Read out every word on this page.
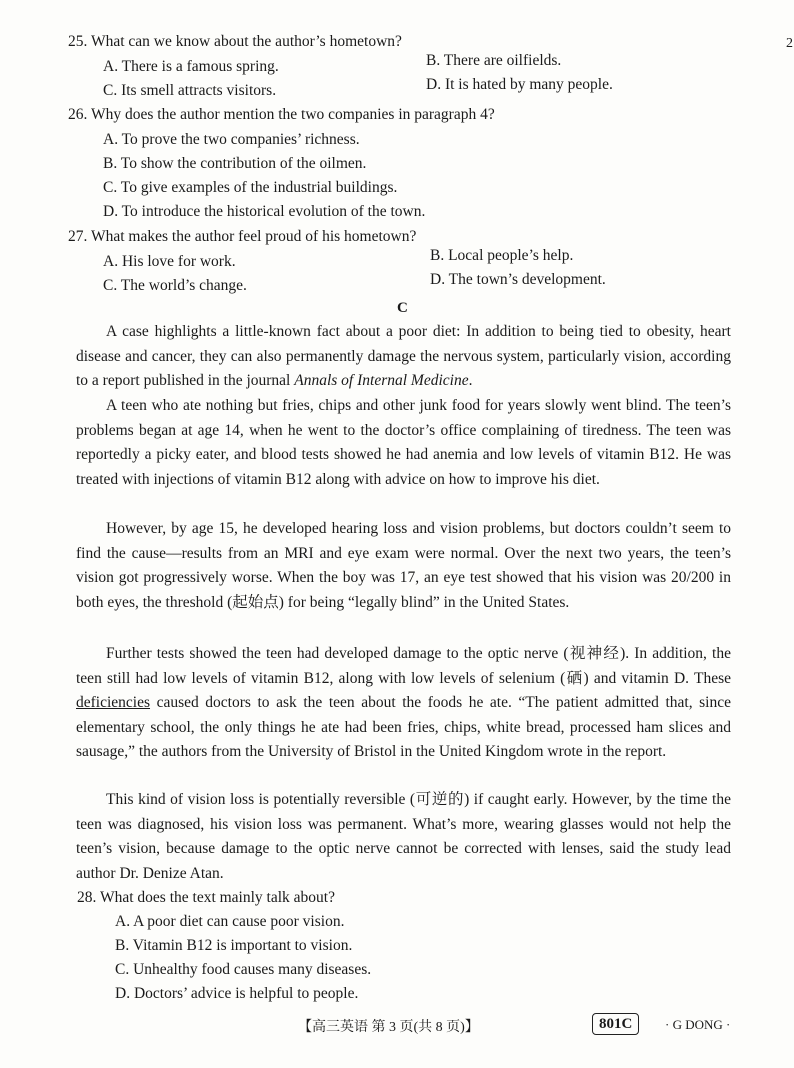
2
25. What can we know about the author’s hometown?
A. There is a famous spring.	B. There are oilfields.
C. Its smell attracts visitors.	D. It is hated by many people.
26. Why does the author mention the two companies in paragraph 4?
A. To prove the two companies’ richness.
B. To show the contribution of the oilmen.
C. To give examples of the industrial buildings.
D. To introduce the historical evolution of the town.
27. What makes the author feel proud of his hometown?
A. His love for work.	B. Local people’s help.
C. The world’s change.	D. The town’s development.
C
A case highlights a little-known fact about a poor diet: In addition to being tied to obesity, heart disease and cancer, they can also permanently damage the nervous system, particularly vision, according to a report published in the journal Annals of Internal Medicine.
A teen who ate nothing but fries, chips and other junk food for years slowly went blind. The teen’s problems began at age 14, when he went to the doctor’s office complaining of tiredness. The teen was reportedly a picky eater, and blood tests showed he had anemia and low levels of vitamin B12. He was treated with injections of vitamin B12 along with advice on how to improve his diet.
However, by age 15, he developed hearing loss and vision problems, but doctors couldn’t seem to find the cause—results from an MRI and eye exam were normal. Over the next two years, the teen’s vision got progressively worse. When the boy was 17, an eye test showed that his vision was 20/200 in both eyes, the threshold (起始点) for being “legally blind” in the United States.
Further tests showed the teen had developed damage to the optic nerve (视神经). In addition, the teen still had low levels of vitamin B12, along with low levels of selenium (硒) and vitamin D. These deficiencies caused doctors to ask the teen about the foods he ate. “The patient admitted that, since elementary school, the only things he ate had been fries, chips, white bread, processed ham slices and sausage,” the authors from the University of Bristol in the United Kingdom wrote in the report.
This kind of vision loss is potentially reversible (可逆的) if caught early. However, by the time the teen was diagnosed, his vision loss was permanent. What’s more, wearing glasses would not help the teen’s vision, because damage to the optic nerve cannot be corrected with lenses, said the study lead author Dr. Denize Atan.
28. What does the text mainly talk about?
A. A poor diet can cause poor vision.
B. Vitamin B12 is important to vision.
C. Unhealthy food causes many diseases.
D. Doctors’ advice is helpful to people.
【高三英语 第 3 页(共 8 页)】	801C	· G DONG ·
